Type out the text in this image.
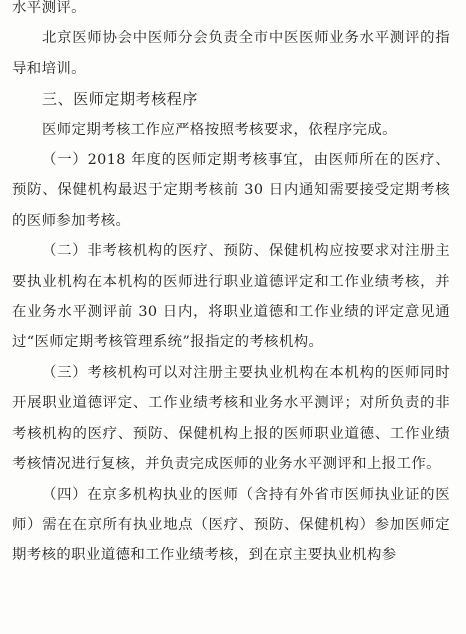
水平测评。

北京医师协会中医师分会负责全市中医医师业务水平测评的指导和培训。

三、医师定期考核程序

医师定期考核工作应严格按照考核要求，依程序完成。

（一）2018 年度的医师定期考核事宜，由医师所在的医疗、预防、保健机构最迟于定期考核前 30 日内通知需要接受定期考核的医师参加考核。

（二）非考核机构的医疗、预防、保健机构应按要求对注册主要执业机构在本机构的医师进行职业道德评定和工作业绩考核，并在业务水平测评前 30 日内，将职业道德和工作业绩的评定意见通过“医师定期考核管理系统”报指定的考核机构。

（三）考核机构可以对注册主要执业机构在本机构的医师同时开展职业道德评定、工作业绩考核和业务水平测评；对所负责的非考核机构的医疗、预防、保健机构上报的医师职业道德、工作业绩考核情况进行复核，并负责完成医师的业务水平测评和上报工作。

（四）在京多机构执业的医师（含持有外省市医师执业证的医师）需在在京所有执业地点（医疗、预防、保健机构）参加医师定期考核的职业道德和工作业绩考核，到在京主要执业机构参
